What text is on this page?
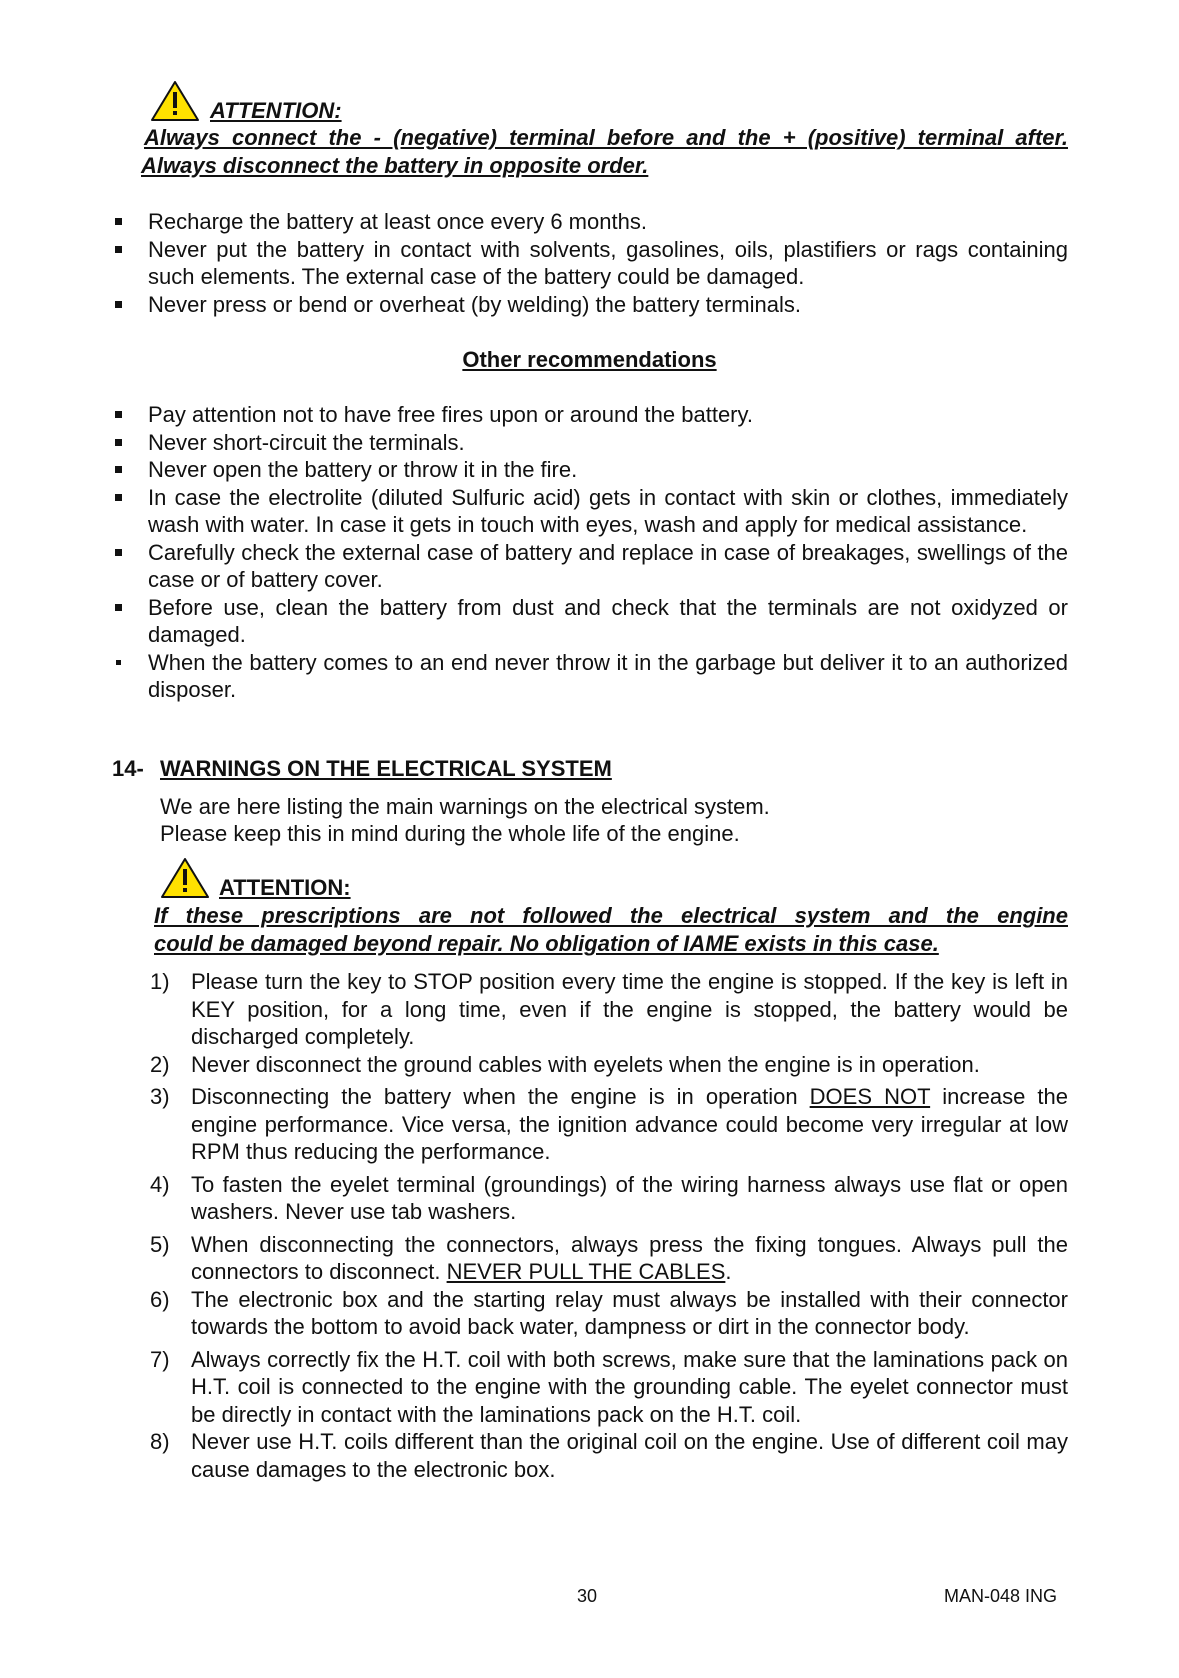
ATTENTION:
Always connect the - (negative) terminal before and the + (positive) terminal after.
Always disconnect the battery in opposite order.
Recharge the battery at least once every 6 months.
Never put the battery in contact with solvents, gasolines, oils, plastifiers or rags containing such elements. The external case of the battery could be damaged.
Never press or bend or overheat (by welding) the battery terminals.
Other recommendations
Pay attention not to have free fires upon or around the battery.
Never short-circuit the terminals.
Never open the battery or throw it in the fire.
In case the electrolite (diluted Sulfuric acid) gets in contact with skin or clothes, immediately wash with water. In case it gets in touch with eyes, wash and apply for medical assistance.
Carefully check the external case of battery and replace in case of breakages, swellings of the case or of battery cover.
Before use, clean the battery from dust and check that the terminals are not oxidyzed or damaged.
When the battery comes to an end never throw it in the garbage but deliver it to an authorized disposer.
14- WARNINGS ON THE ELECTRICAL SYSTEM
We are here listing the main warnings on the electrical system.
Please keep this in mind during the whole life of the engine.
ATTENTION:
If these prescriptions are not followed the electrical system and the engine
could be damaged beyond repair. No obligation of IAME exists in this case.
1) Please turn the key to STOP position every time the engine is stopped. If the key is left in KEY position, for a long time, even if the engine is stopped, the battery would be discharged completely.
2) Never disconnect the ground cables with eyelets when the engine is in operation.
3) Disconnecting the battery when the engine is in operation DOES NOT increase the engine performance. Vice versa, the ignition advance could become very irregular at low RPM thus reducing the performance.
4) To fasten the eyelet terminal (groundings) of the wiring harness always use flat or open washers. Never use tab washers.
5) When disconnecting the connectors, always press the fixing tongues. Always pull the connectors to disconnect. NEVER PULL THE CABLES.
6) The electronic box and the starting relay must always be installed with their connector towards the bottom to avoid back water, dampness or dirt in the connector body.
7) Always correctly fix the H.T. coil with both screws, make sure that the laminations pack on H.T. coil is connected to the engine with the grounding cable. The eyelet connector must be directly in contact with the laminations pack on the H.T. coil.
8) Never use H.T. coils different than the original coil on the engine. Use of different coil may cause damages to the electronic box.
30	MAN-048 ING
